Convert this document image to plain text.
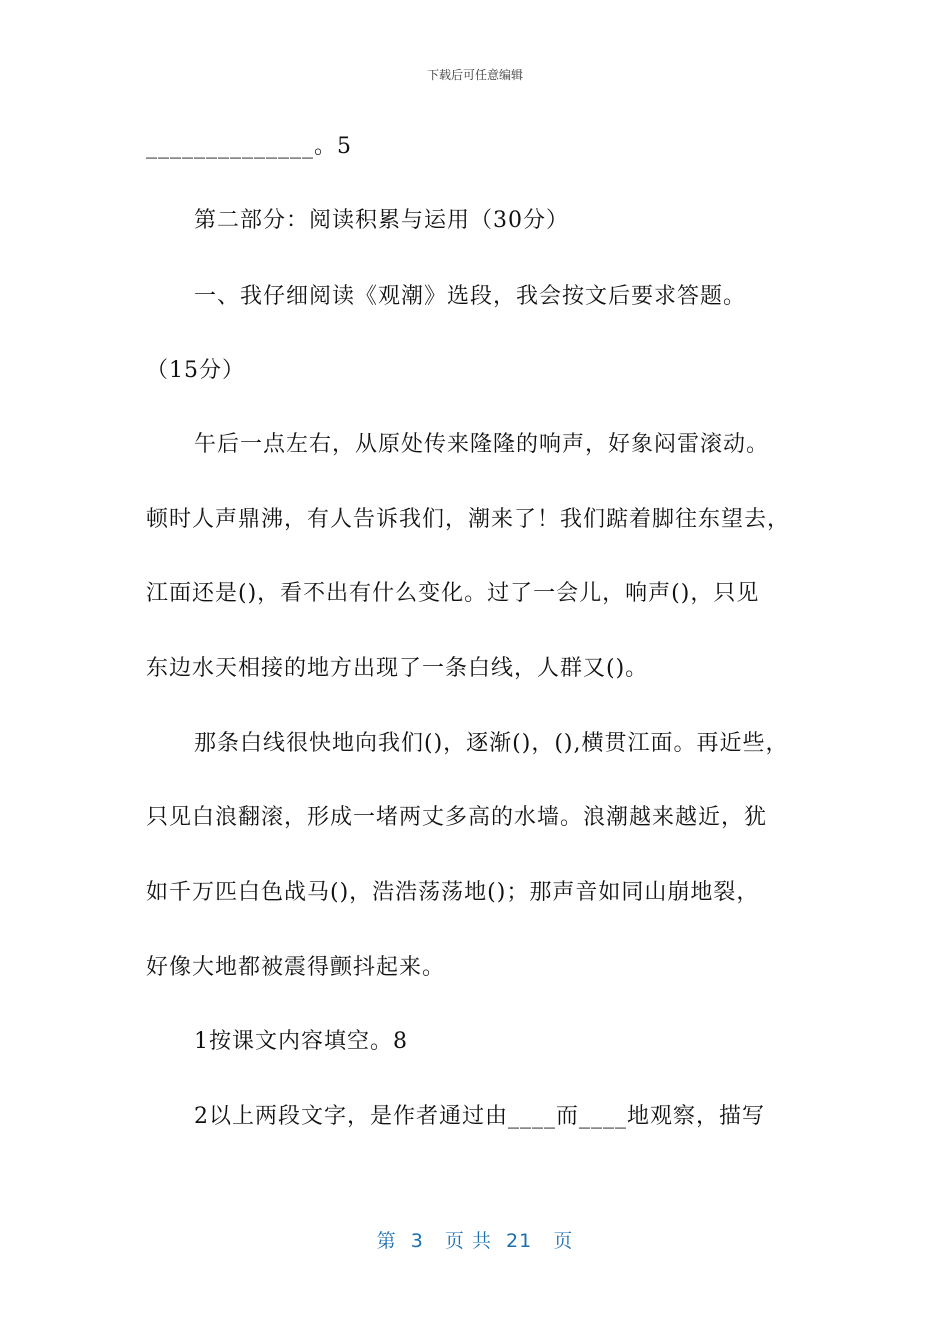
下载后可任意编辑
______________。5
第二部分：阅读积累与运用（30分）
一、我仔细阅读《观潮》选段，我会按文后要求答题。
（15分）
午后一点左右，从原处传来隆隆的响声，好象闷雷滚动。
顿时人声鼎沸，有人告诉我们，潮来了！我们踮着脚往东望去，
江面还是()，看不出有什么变化。过了一会儿，响声()，只见
东边水天相接的地方出现了一条白线，人群又()。
那条白线很快地向我们()，逐渐()，(),横贯江面。再近些，
只见白浪翻滚，形成一堵两丈多高的水墙。浪潮越来越近，犹
如千万匹白色战马()，浩浩荡荡地()；那声音如同山崩地裂，
好像大地都被震得颤抖起来。
1按课文内容填空。8
2以上两段文字，是作者通过由____而____地观察，描写
第  3   页 共  21   页
